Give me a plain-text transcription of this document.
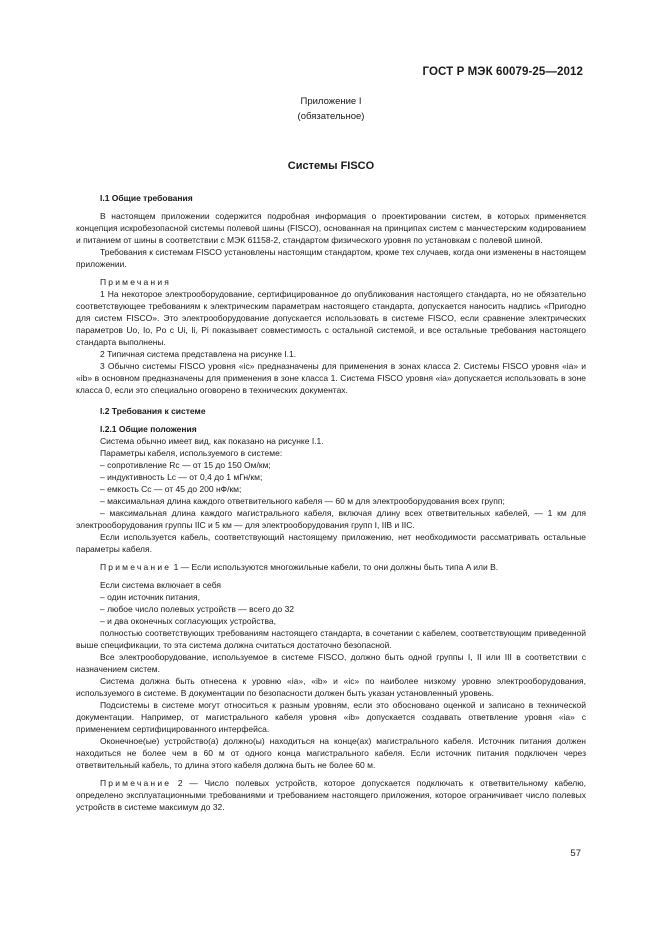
ГОСТ Р МЭК 60079-25—2012
Приложение I
(обязательное)
Системы FISCO

I.1 Общие требования

В настоящем приложении содержится подробная информация о проектировании систем, в которых применяется концепция искробезопасной системы полевой шины (FISCO), основанная на принципах систем с манчестерским кодированием и питанием от шины в соответствии с МЭК 61158-2, стандартом физического уровня по установкам с полевой шиной.

Требования к системам FISCO установлены настоящим стандартом, кроме тех случаев, когда они изменены в настоящем приложении.

Примечания

1 На некоторое электрооборудование, сертифицированное до опубликования настоящего стандарта, но не обязательно соответствующее требованиям к электрическим параметрам настоящего стандарта, допускается наносить надпись «Пригодно для систем FISCO». Это электрооборудование допускается использовать в системе FISCO, если сравнение электрических параметров Uo, Io, Po с Ui, Ii, Pi показывает совместимость с остальной системой, и все остальные требования настоящего стандарта выполнены.

2 Типичная система представлена на рисунке I.1.

3 Обычно системы FISCO уровня «ic» предназначены для применения в зонах класса 2. Системы FISCO уровня «ia» и «ib» в основном предназначены для применения в зоне класса 1. Система FISCO уровня «ia» допускается использовать в зоне класса 0, если это специально оговорено в технических документах.

I.2 Требования к системе

I.2.1 Общие положения

Система обычно имеет вид, как показано на рисунке I.1.

Параметры кабеля, используемого в системе:

– сопротивление Rc — от 15 до 150 Ом/км;

– индуктивность Lc — от 0,4 до 1 мГн/км;

– емкость Cc — от 45 до 200 нФ/км;

– максимальная длина каждого ответвительного кабеля — 60 м для электрооборудования всех групп;

– максимальная длина каждого магистрального кабеля, включая длину всех ответвительных кабелей, — 1 км для электрооборудования группы IIC и 5 км — для электрооборудования групп I, IIB и IIC.

Если используется кабель, соответствующий настоящему приложению, нет необходимости рассматривать остальные параметры кабеля.

Примечание 1 — Если используются многожильные кабели, то они должны быть типа A или B.

Если система включает в себя

– один источник питания,

– любое число полевых устройств — всего до 32

– и два оконечных согласующих устройства,

полностью соответствующих требованиям настоящего стандарта, в сочетании с кабелем, соответствующим приведенной выше спецификации, то эта система должна считаться достаточно безопасной.

Все электрооборудование, используемое в системе FISCO, должно быть одной группы I, II или III в соответствии с назначением систем.

Система должна быть отнесена к уровню «ia», «ib» и «ic» по наиболее низкому уровню электрооборудования, используемого в системе. В документации по безопасности должен быть указан установленный уровень.

Подсистемы в системе могут относиться к разным уровням, если это обосновано оценкой и записано в технической документации. Например, от магистрального кабеля уровня «ib» допускается создавать ответвление уровня «ia» с применением сертифицированного интерфейса.

Оконечное(ые) устройство(а) должно(ы) находиться на конце(ах) магистрального кабеля. Источник питания должен находиться не более чем в 60 м от одного конца магистрального кабеля. Если источник питания подключен через ответвительный кабель, то длина этого кабеля должна быть не более 60 м.

Примечание 2 — Число полевых устройств, которое допускается подключать к ответвительному кабелю, определено эксплуатационными требованиями и требованием настоящего приложения, которое ограничивает число полевых устройств в системе максимум до 32.

57
